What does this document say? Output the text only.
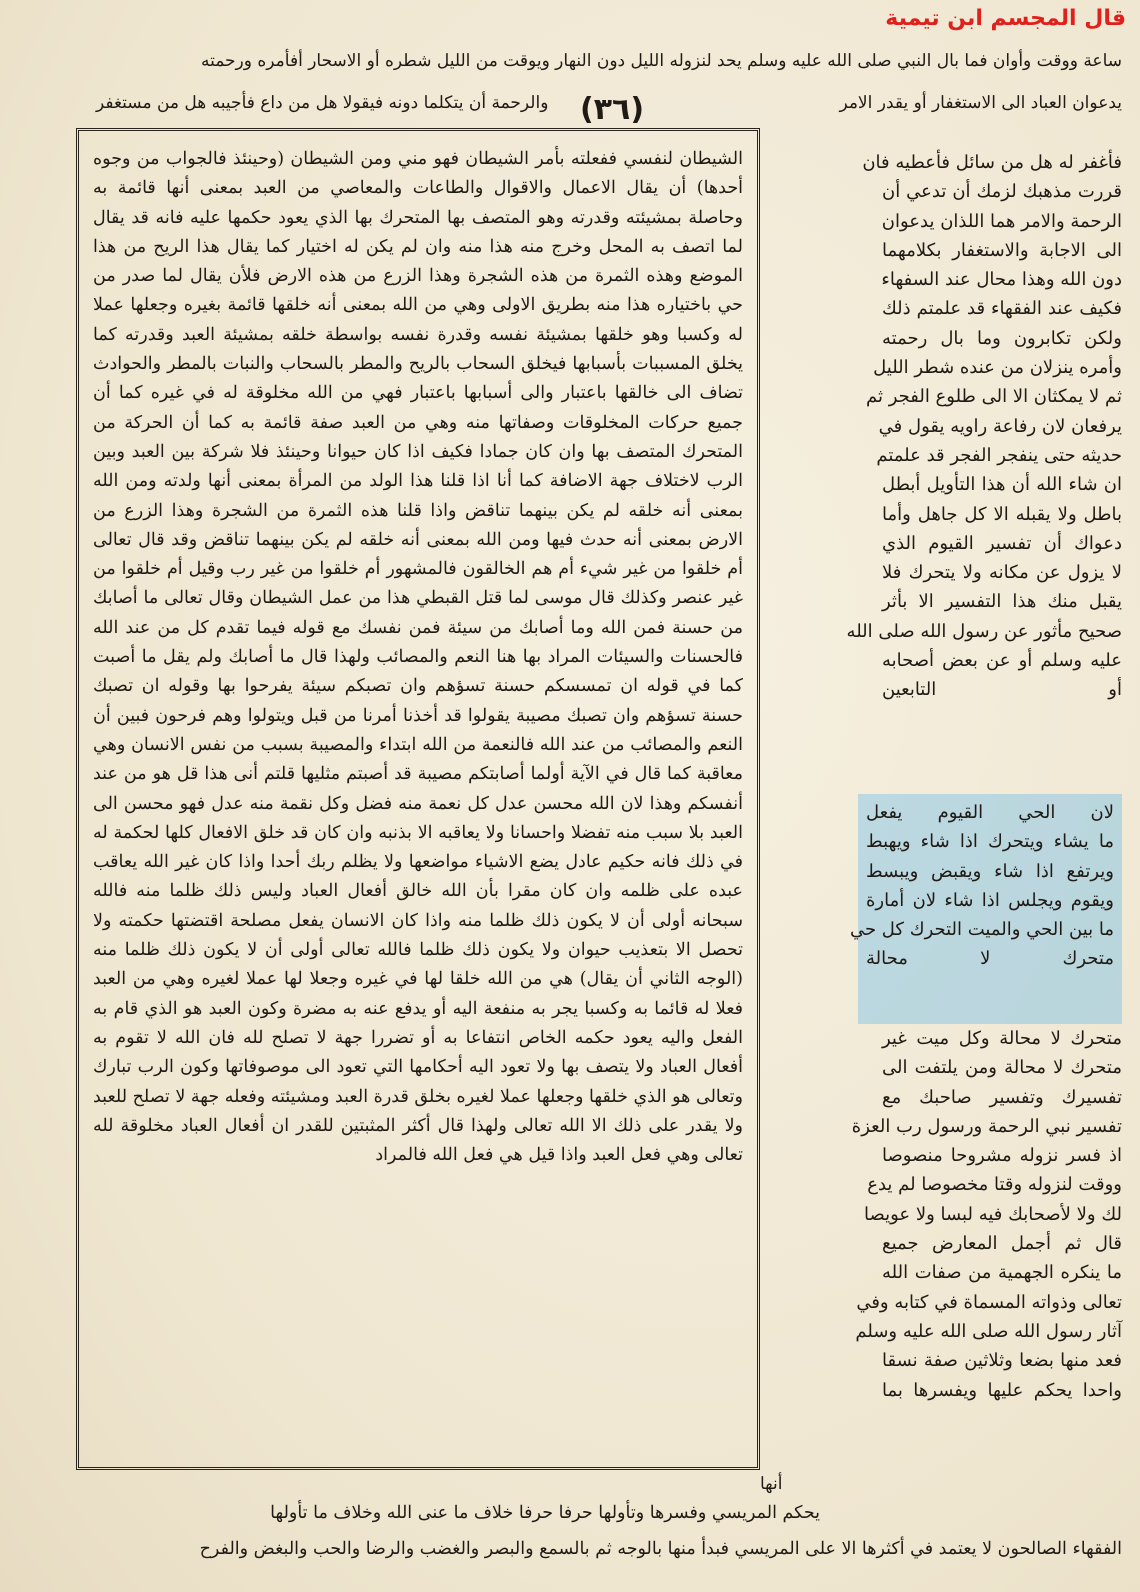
قال المجسم ابن تيمية
ساعة ووقت وأوان فما بال النبي صلى الله عليه وسلم يحد لنزوله الليل دون النهار ويوقت من الليل شطره أو الاسحار أفأمره ورحمته
يدعوان العباد الى الاستغفار أو يقدر الامر
والرحمة أن يتكلما دونه فيقولا هل من داع فأجيبه هل من مستغفر	(٣٦)
الشيطان لنفسي ففعلته بأمر الشيطان فهو مني ومن الشيطان (وحينئذ فالجواب من وجوه أحدها) أن يقال الاعمال والاقوال والطاعات والمعاصي من العبد بمعنى أنها قائمة به وحاصلة بمشيئته وقدرته وهو المتصف بها المتحرك بها الذي يعود حكمها عليه فانه قد يقال لما اتصف به المحل وخرج منه هذا منه وان لم يكن له اختيار كما يقال هذا الريح من هذا الموضع وهذه الثمرة من هذه الشجرة وهذا الزرع من هذه الارض فلأن يقال لما صدر من حي باختياره هذا منه بطريق الاولى وهي من الله بمعنى أنه خلقها قائمة بغيره وجعلها عملا له وكسبا وهو خلقها بمشيئة نفسه وقدرة نفسه بواسطة خلقه بمشيئة العبد وقدرته كما يخلق المسببات بأسبابها فيخلق السحاب بالريح والمطر بالسحاب والنبات بالمطر والحوادث تضاف الى خالقها باعتبار والى أسبابها باعتبار فهي من الله مخلوقة له في غيره كما أن جميع حركات المخلوقات وصفاتها منه وهي من العبد صفة قائمة به كما أن الحركة من المتحرك المتصف بها وان كان جمادا فكيف اذا كان حيوانا وحينئذ فلا شركة بين العبد وبين الرب لاختلاف جهة الاضافة كما أنا اذا قلنا هذا الولد من المرأة بمعنى أنها ولدته ومن الله بمعنى أنه خلقه لم يكن بينهما تناقض واذا قلنا هذه الثمرة من الشجرة وهذا الزرع من الارض بمعنى أنه حدث فيها ومن الله بمعنى أنه خلقه لم يكن بينهما تناقض وقد قال تعالى أم خلقوا من غير شيء أم هم الخالقون فالمشهور أم خلقوا من غير رب وقيل أم خلقوا من غير عنصر وكذلك قال موسى لما قتل القبطي هذا من عمل الشيطان وقال تعالى ما أصابك من حسنة فمن الله وما أصابك من سيئة فمن نفسك مع قوله فيما تقدم كل من عند الله فالحسنات والسيئات المراد بها هنا النعم والمصائب ولهذا قال ما أصابك ولم يقل ما أصبت كما في قوله ان تمسسكم حسنة تسؤهم وان تصبكم سيئة يفرحوا بها وقوله ان تصبك حسنة تسؤهم وان تصبك مصيبة يقولوا قد أخذنا أمرنا من قبل ويتولوا وهم فرحون فبين أن النعم والمصائب من عند الله فالنعمة من الله ابتداء والمصيبة بسبب من نفس الانسان وهي معاقبة كما قال في الآية أولما أصابتكم مصيبة قد أصبتم مثليها قلتم أنى هذا قل هو من عند أنفسكم وهذا لان الله محسن عدل كل نعمة منه فضل وكل نقمة منه عدل فهو محسن الى العبد بلا سبب منه تفضلا واحسانا ولا يعاقبه الا بذنبه وان كان قد خلق الافعال كلها لحكمة له في ذلك فانه حكيم عادل يضع الاشياء مواضعها ولا يظلم ربك أحدا واذا كان غير الله يعاقب عبده على ظلمه وان كان مقرا بأن الله خالق أفعال العباد وليس ذلك ظلما منه فالله سبحانه أولى أن لا يكون ذلك ظلما منه واذا كان الانسان يفعل مصلحة اقتضتها حكمته ولا تحصل الا بتعذيب حيوان ولا يكون ذلك ظلما فالله تعالى أولى أن لا يكون ذلك ظلما منه (الوجه الثاني أن يقال) هي من الله خلقا لها في غيره وجعلا لها عملا لغيره وهي من العبد فعلا له قائما به وكسبا يجر به منفعة اليه أو يدفع عنه به مضرة وكون العبد هو الذي قام به الفعل واليه يعود حكمه الخاص انتفاعا به أو تضررا جهة لا تصلح لله فان الله لا تقوم به أفعال العباد ولا يتصف بها ولا تعود اليه أحكامها التي تعود الى موصوفاتها وكون الرب تبارك وتعالى هو الذي خلقها وجعلها عملا لغيره بخلق قدرة العبد ومشيئته وفعله جهة لا تصلح للعبد ولا يقدر على ذلك الا الله تعالى ولهذا قال أكثر المثبتين للقدر ان أفعال العباد مخلوقة لله تعالى وهي فعل العبد واذا قيل هي فعل الله فالمراد
فأغفر له هل من سائل فأعطيه فان
قررت مذهبك لزمك أن تدعي أن
الرحمة والامر هما اللذان يدعوان
الى الاجابة والاستغفار بكلامهما
دون الله وهذا محال عند السفهاء
فكيف عند الفقهاء قد علمتم ذلك
ولكن تكابرون وما بال رحمته
وأمره ينزلان من عنده شطر الليل
ثم لا يمكثان الا الى طلوع الفجر ثم
يرفعان لان رفاعة راويه يقول في
حديثه حتى ينفجر الفجر قد علمتم
ان شاء الله أن هذا التأويل أبطل
باطل ولا يقبله الا كل جاهل وأما
دعواك أن تفسير القيوم الذي
لا يزول عن مكانه ولا يتحرك فلا
يقبل منك هذا التفسير الا بأثر
صحيح مأثور عن رسول الله صلى الله
عليه وسلم أو عن بعض أصحابه
أو التابعين
لان الحي القيوم يفعل
ما يشاء ويتحرك اذا شاء ويهبط
ويرتفع اذا شاء ويقبض ويبسط
ويقوم ويجلس اذا شاء لان أمارة
ما بين الحي والميت التحرك كل حي
متحرك لا محالة
متحرك لا محالة وكل ميت غير
متحرك لا محالة ومن يلتفت الى
تفسيرك وتفسير صاحبك مع
تفسير نبي الرحمة ورسول رب العزة
اذ فسر نزوله مشروحا منصوصا
ووقت لنزوله وقتا مخصوصا لم يدع
لك ولا لأصحابك فيه لبسا ولا عويصا
قال ثم أجمل المعارض جميع
ما ينكره الجهمية من صفات الله
تعالى وذواته المسماة في كتابه وفي
آثار رسول الله صلى الله عليه وسلم
فعد منها بضعا وثلاثين صفة نسقا
واحدا يحكم عليها ويفسرها بما
أنها
يحكم المريسي وفسرها وتأولها حرفا حرفا خلاف ما عنى الله وخلاف ما تأولها
الفقهاء الصالحون لا يعتمد في أكثرها الا على المريسي فبدأ منها بالوجه ثم بالسمع والبصر والغضب والرضا والحب والبغض والفرح
